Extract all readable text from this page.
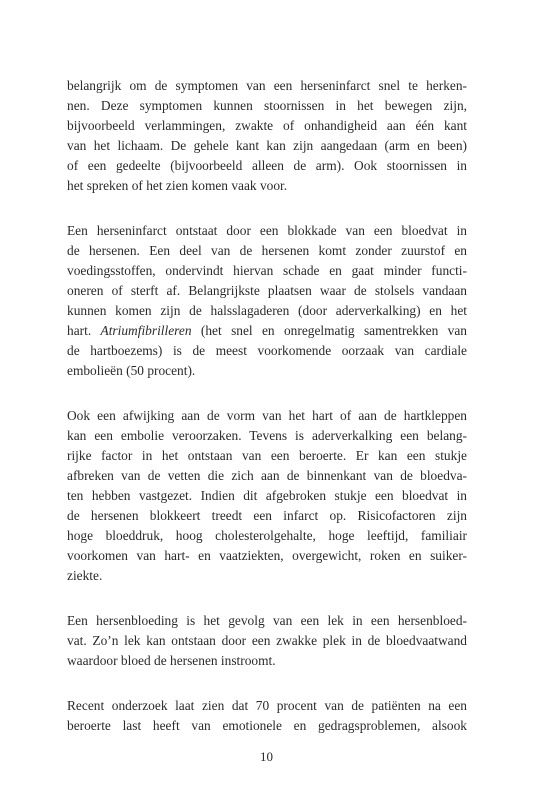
belangrijk om de symptomen van een herseninfarct snel te herken-
nen. Deze symptomen kunnen stoornissen in het bewegen zijn,
bijvoorbeeld verlammingen, zwakte of onhandigheid aan één kant
van het lichaam. De gehele kant kan zijn aangedaan (arm en been)
of een gedeelte (bijvoorbeeld alleen de arm). Ook stoornissen in
het spreken of het zien komen vaak voor.

Een herseninfarct ontstaat door een blokkade van een bloedvat in
de hersenen. Een deel van de hersenen komt zonder zuurstof en
voedingsstoffen, ondervindt hiervan schade en gaat minder functi-
oneren of sterft af. Belangrijkste plaatsen waar de stolsels vandaan
kunnen komen zijn de halsslagaderen (door aderverkalking) en het
hart. Atriumfibrilleren (het snel en onregelmatig samentrekken van
de hartboezems) is de meest voorkomende oorzaak van cardiale
embolieën (50 procent).

Ook een afwijking aan de vorm van het hart of aan de hartkleppen
kan een embolie veroorzaken. Tevens is aderverkalking een belang-
rijke factor in het ontstaan van een beroerte. Er kan een stukje
afbreken van de vetten die zich aan de binnenkant van de bloedva-
ten hebben vastgezet. Indien dit afgebroken stukje een bloedvat in
de hersenen blokkeert treedt een infarct op. Risicofactoren zijn
hoge bloeddruk, hoog cholesterolgehalte, hoge leeftijd, familiair
voorkomen van hart- en vaatziekten, overgewicht, roken en suiker-
ziekte.

Een hersenbloeding is het gevolg van een lek in een hersenbloed-
vat. Zo’n lek kan ontstaan door een zwakke plek in de bloedvaatwand
waardoor bloed de hersenen instroomt.

Recent onderzoek laat zien dat 70 procent van de patiënten na een
beroerte last heeft van emotionele en gedragsproblemen, alsook

10
